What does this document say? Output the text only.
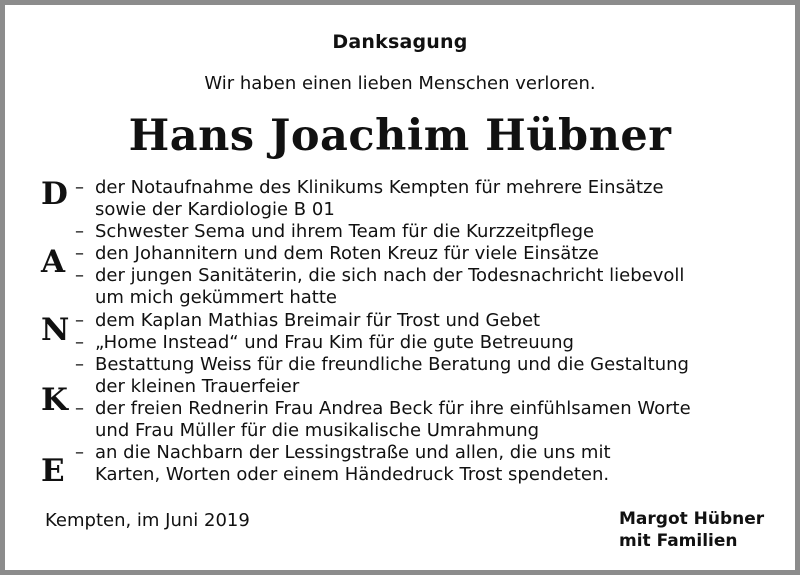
Danksagung
Wir haben einen lieben Menschen verloren.
Hans Joachim Hübner
D
A
N
K
E
– der Notaufnahme des Klinikums Kempten für mehrere Einsätze
sowie der Kardiologie B 01
– Schwester Sema und ihrem Team für die Kurzzeitpflege
– den Johannitern und dem Roten Kreuz für viele Einsätze
– der jungen Sanitäterin, die sich nach der Todesnachricht liebevoll
um mich gekümmert hatte
– dem Kaplan Mathias Breimair für Trost und Gebet
– „Home Instead“ und Frau Kim für die gute Betreuung
– Bestattung Weiss für die freundliche Beratung und die Gestaltung
der kleinen Trauerfeier
– der freien Rednerin Frau Andrea Beck für ihre einfühlsamen Worte
und Frau Müller für die musikalische Umrahmung
– an die Nachbarn der Lessingstraße und allen, die uns mit
Karten, Worten oder einem Händedruck Trost spendeten.
Kempten, im Juni 2019	Margot Hübner
mit Familien
